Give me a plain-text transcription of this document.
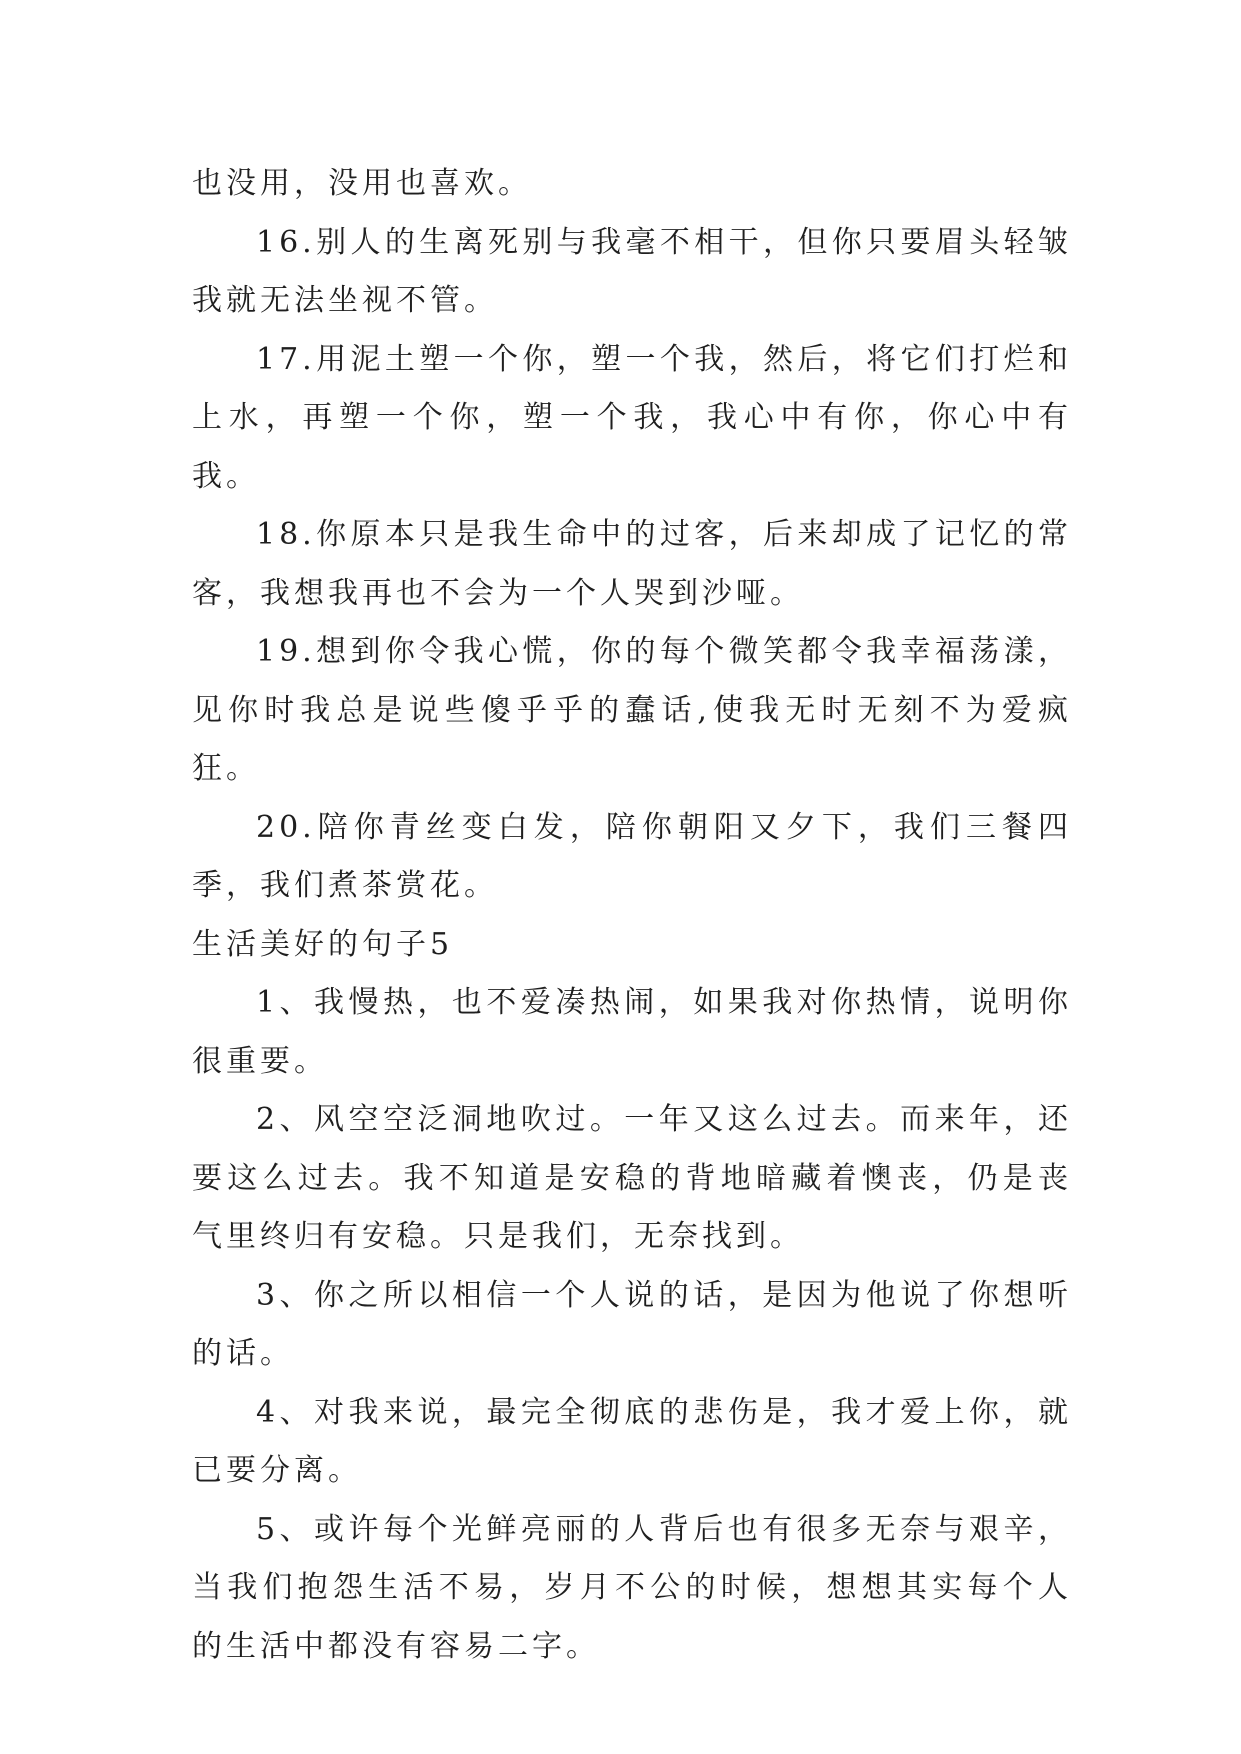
也没用，没用也喜欢。

16.别人的生离死别与我毫不相干，但你只要眉头轻皱我就无法坐视不管。

17.用泥土塑一个你，塑一个我，然后，将它们打烂和上水，再塑一个你，塑一个我，我心中有你，你心中有我。

18.你原本只是我生命中的过客，后来却成了记忆的常客，我想我再也不会为一个人哭到沙哑。

19.想到你令我心慌，你的每个微笑都令我幸福荡漾，见你时我总是说些傻乎乎的蠢话,使我无时无刻不为爱疯狂。

20.陪你青丝变白发，陪你朝阳又夕下，我们三餐四季，我们煮茶赏花。

生活美好的句子5

1、我慢热，也不爱凑热闹，如果我对你热情，说明你很重要。

2、风空空泛洞地吹过。一年又这么过去。而来年，还要这么过去。我不知道是安稳的背地暗藏着懊丧，仍是丧气里终归有安稳。只是我们，无奈找到。

3、你之所以相信一个人说的话，是因为他说了你想听的话。

4、对我来说，最完全彻底的悲伤是，我才爱上你，就已要分离。

5、或许每个光鲜亮丽的人背后也有很多无奈与艰辛，当我们抱怨生活不易，岁月不公的时候，想想其实每个人的生活中都没有容易二字。
